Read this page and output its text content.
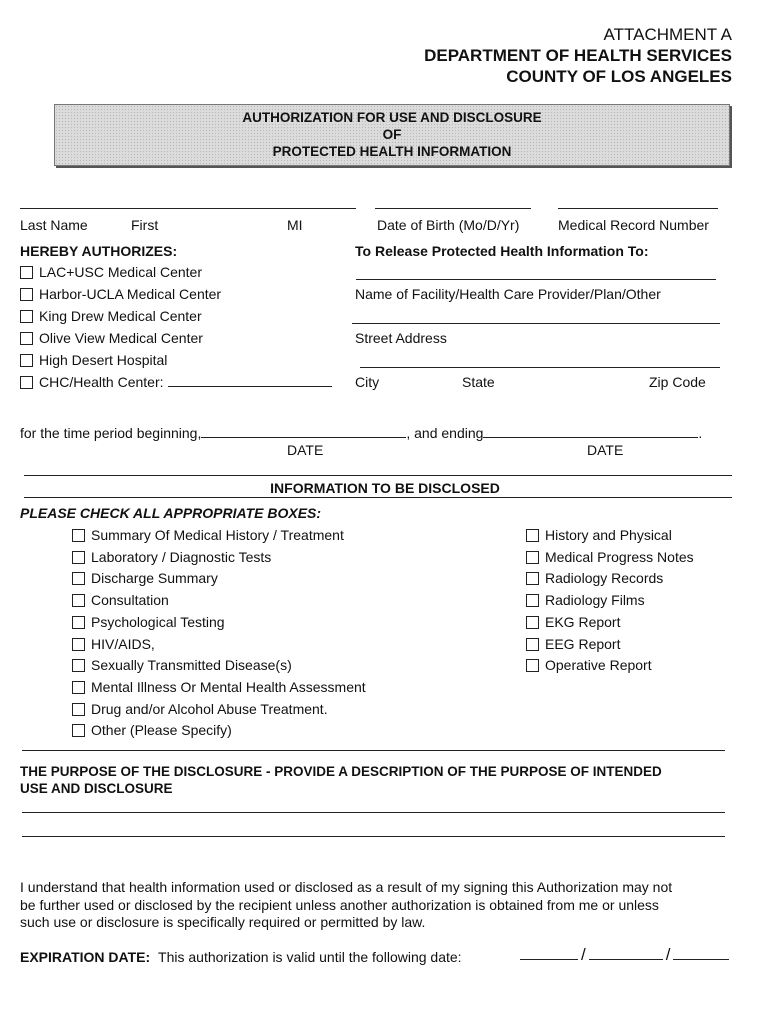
ATTACHMENT A
DEPARTMENT OF HEALTH SERVICES
COUNTY OF LOS ANGELES
AUTHORIZATION FOR USE AND DISCLOSURE
OF
PROTECTED HEALTH INFORMATION
Last Name	First	MI	Date of Birth (Mo/D/Yr)	Medical Record Number
HEREBY AUTHORIZES:
LAC+USC Medical Center
Harbor-UCLA Medical Center
King Drew Medical Center
Olive View Medical Center
High Desert Hospital
CHC/Health Center:
To Release Protected Health Information To:
Name of Facility/Health Care Provider/Plan/Other
Street Address
City	State	Zip Code
for the time period beginning,	, and ending	.
DATE	DATE
INFORMATION TO BE DISCLOSED
PLEASE CHECK ALL APPROPRIATE BOXES:
Summary Of Medical History / Treatment
Laboratory / Diagnostic Tests
Discharge Summary
Consultation
Psychological Testing
HIV/AIDS,
Sexually Transmitted Disease(s)
Mental Illness Or Mental Health Assessment
Drug and/or Alcohol Abuse Treatment.
Other (Please Specify)
History and Physical
Medical Progress Notes
Radiology Records
Radiology Films
EKG Report
EEG Report
Operative Report
THE PURPOSE OF THE DISCLOSURE - PROVIDE A DESCRIPTION OF THE PURPOSE OF INTENDED
USE AND DISCLOSURE
I understand that health information used or disclosed as a result of my signing this Authorization may not
be further used or disclosed by the recipient unless another authorization is obtained from me or unless
such use or disclosure is specifically required or permitted by law.
EXPIRATION DATE: This authorization is valid until the following date:	/	/
